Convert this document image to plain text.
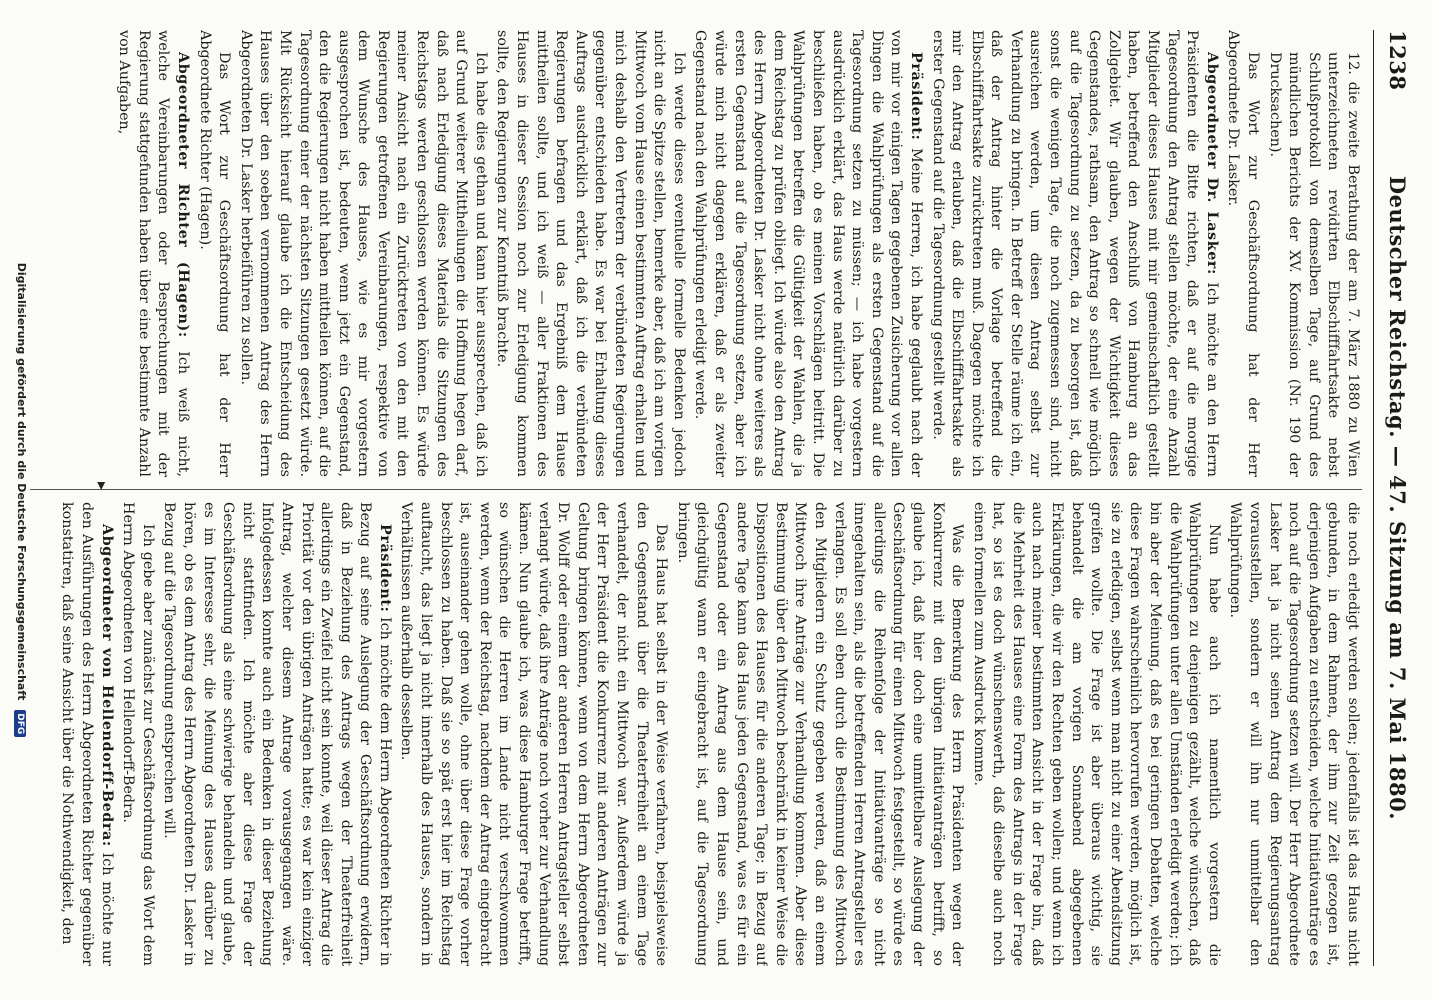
1238
Deutscher Reichstag. — 47. Sitzung am 7. Mai 1880.

12. die zweite Berathung der am 7. März 1880 zu Wien unterzeichneten revidirten Elbschifffahrtsakte nebst Schlußprotokoll von demselben Tage, auf Grund des mündlichen Berichts der XV. Kommission (Nr. 190 der Drucksachen).

Das Wort zur Geschäftsordnung hat der Herr Abgeordnete Dr. Lasker.

Abgeordneter Dr. Lasker: Ich möchte an den Herrn Präsidenten die Bitte richten, daß er auf die morgige Tagesordnung den Antrag stellen möchte, der eine Anzahl Mitglieder dieses Hauses mit mir gemeinschaftlich gestellt haben, betreffend den Anschluß von Hamburg an das Zollgebiet. Wir glauben, wegen der Wichtigkeit dieses Gegenstandes, rathsam, den Antrag so schnell wie möglich auf die Tagesordnung zu setzen, da zu besorgen ist, daß sonst die wenigen Tage, die noch zugemessen sind, nicht ausreichen werden, um diesen Antrag selbst zur Verhandlung zu bringen. In Betreff der Stelle räume ich ein, daß der Antrag hinter die Vorlage betreffend die Elbschifffahrtsakte zurücktreten muß. Dagegen möchte ich mir den Antrag erlauben, daß die Elbschifffahrtsakte als erster Gegenstand auf die Tagesordnung gestellt werde.

Präsident: Meine Herren, ich habe geglaubt nach der von mir vor einigen Tagen gegebenen Zusicherung vor allen Dingen die Wahlprüfungen als ersten Gegenstand auf die Tagesordnung setzen zu müssen; — ich habe vorgestern ausdrücklich erklärt, das Haus werde natürlich darüber zu beschließen haben, ob es meinen Vorschlägen beitritt. Die Wahlprüfungen betreffen die Gültigkeit der Wahlen, die ja dem Reichstag zu prüfen obliegt. Ich würde also den Antrag des Herrn Abgeordneten Dr. Lasker nicht ohne weiteres als ersten Gegenstand auf die Tagesordnung setzen, aber ich würde mich nicht dagegen erklären, daß er als zweiter Gegenstand nach den Wahlprüfungen erledigt werde.

Ich werde dieses eventuelle formelle Bedenken jedoch nicht an die Spitze stellen, bemerke aber, daß ich am vorigen Mittwoch vom Hause einen bestimmten Auftrag erhalten und mich deshalb den Vertretern der verbündeten Regierungen gegenüber entschieden habe. Es war bei Erhaltung dieses Auftrags ausdrücklich erklärt, daß ich die verbündeten Regierungen befragen und das Ergebniß dem Hause mittheilen sollte, und ich weiß — aller Fraktionen des Hauses in dieser Session noch zur Erledigung kommen sollte, den Regierungen zur Kenntniß brachte.

Ich habe dies gethan und kann hier aussprechen, daß ich auf Grund weiterer Mittheilungen die Hoffnung hegen darf, daß nach Erledigung dieses Materials die Sitzungen des Reichstags werden geschlossen werden können. Es würde meiner Ansicht nach ein Zurücktreten von den mit den Regierungen getroffenen Vereinbarungen, respektive von dem Wunsche des Hauses, wie es mir vorgestern ausgesprochen ist, bedeuten, wenn jetzt ein Gegenstand, den die Regierungen nicht haben mittheilen können, auf die Tagesordnung einer der nächsten Sitzungen gesetzt würde. Mit Rücksicht hierauf glaube ich die Entscheidung des Hauses über den soeben vernommenen Antrag des Herrn Abgeordneten Dr. Lasker herbeiführen zu sollen.

Das Wort zur Geschäftsordnung hat der Herr Abgeordnete Richter (Hagen).

Abgeordneter Richter (Hagen): Ich weiß nicht, welche Vereinbarungen oder Besprechungen mit der Regierung stattgefunden haben über eine bestimmte Anzahl von Aufgaben,

die noch erledigt werden sollen; jedenfalls ist das Haus nicht gebunden, in dem Rahmen, der ihm zur Zeit gezogen ist, derjenigen Aufgaben zu entscheiden, welche Initiativanträge es noch auf die Tagesordnung setzen will. Der Herr Abgeordnete Lasker hat ja nicht seinen Antrag dem Regierungsantrag vorausstellen, sondern er will ihn nur unmittelbar den Wahlprüfungen.

Nun habe auch ich namentlich vorgestern die Wahlprüfungen zu denjenigen gezählt, welche wünschen, daß die Wahlprüfungen unter allen Umständen erledigt werden; ich bin aber der Meinung, daß es bei geringen Debatten, welche diese Fragen wahrscheinlich hervorrufen werden, möglich ist, sie zu erledigen, selbst wenn man nicht zu einer Abendsitzung greifen wollte. Die Frage ist aber überaus wichtig, sie behandelt die am vorigen Sonnabend abgegebenen Erklärungen, die wir den Rechten geben wollen; und wenn ich auch nach meiner bestimmten Ansicht in der Frage bin, daß die Mehrheit des Hauses eine Form des Antrags in der Frage hat, so ist es doch wünschenswerth, daß dieselbe auch noch einen formellen zum Ausdruck komme.

Was die Bemerkung des Herrn Präsidenten wegen der Konkurrenz mit den übrigen Initiativanträgen betrifft, so glaube ich, daß hier doch eine unmittelbare Auslegung der Geschäftsordnung für einen Mittwoch festgestellt, so würde es allerdings die Reihenfolge der Initiativanträge so nicht innegehalten sein, als die betreffenden Herren Antragsteller es verlangen. Es soll eben durch die Bestimmung des Mittwoch den Mitgliedern ein Schutz gegeben werden, daß an einem Mittwoch ihre Anträge zur Verhandlung kommen. Aber diese Bestimmung über den Mittwoch beschränkt in keiner Weise die Dispositionen des Hauses für die anderen Tage; in Bezug auf andere Tage kann das Haus jeden Gegenstand, was es für ein Gegenstand oder ein Antrag aus dem Hause sein, und gleichgültig wann er eingebracht ist, auf die Tagesordnung bringen.

Das Haus hat selbst in der Weise verfahren, beispielsweise den Gegenstand über die Theaterfreiheit an einem Tage verhandelt, der nicht ein Mittwoch war. Außerdem würde ja der Herr Präsident die Konkurrenz mit anderen Anträgen zur Geltung bringen können, wenn von dem Herrn Abgeordneten Dr. Wolff oder einem der anderen Herren Antragsteller selbst verlangt würde, daß ihre Anträge noch vorher zur Verhandlung kämen. Nun glaube ich, was diese Hamburger Frage betrifft, so wünschen die Herren im Lande nicht verschwommen werden, wenn der Reichstag, nachdem der Antrag eingebracht ist, auseinander gehen wolle, ohne über diese Frage vorher beschlossen zu haben. Daß sie so spät erst hier im Reichstag auftaucht, das liegt ja nicht innerhalb des Hauses, sondern in Verhältnissen außerhalb desselben.

Präsident: Ich möchte dem Herrn Abgeordneten Richter in Bezug auf seine Auslegung der Geschäftsordnung erwidern, daß in Beziehung des Antrags wegen der Theaterfreiheit allerdings ein Zweifel nicht sein konnte, weil dieser Antrag die Priorität vor den übrigen Anträgen hatte; es war kein einziger Antrag, welcher diesem Antrage vorausgegangen wäre. Infolgedessen konnte auch ein Bedenken in dieser Beziehung nicht stattfinden. Ich möchte aber diese Frage der Geschäftsordnung als eine schwierige behandeln und glaube, es im Interesse sehr, die Meinung des Hauses darüber zu hören, ob es dem Antrag des Herrn Abgeordneten Dr. Lasker in Bezug auf die Tagesordnung entsprechen will.

Ich gebe aber zunächst zur Geschäftsordnung das Wort dem Herrn Abgeordneten von Hellendorff-Bedra.

Abgeordneter von Hellendorff-Bedra: Ich möchte nur den Ausführungen des Herrn Abgeordneten Richter gegenüber konstatiren, daß seine Ansicht über die Nothwendigkeit, den

▸
Digitalisierung gefördert durch die Deutsche Forschungsgemeinschaft DFG
